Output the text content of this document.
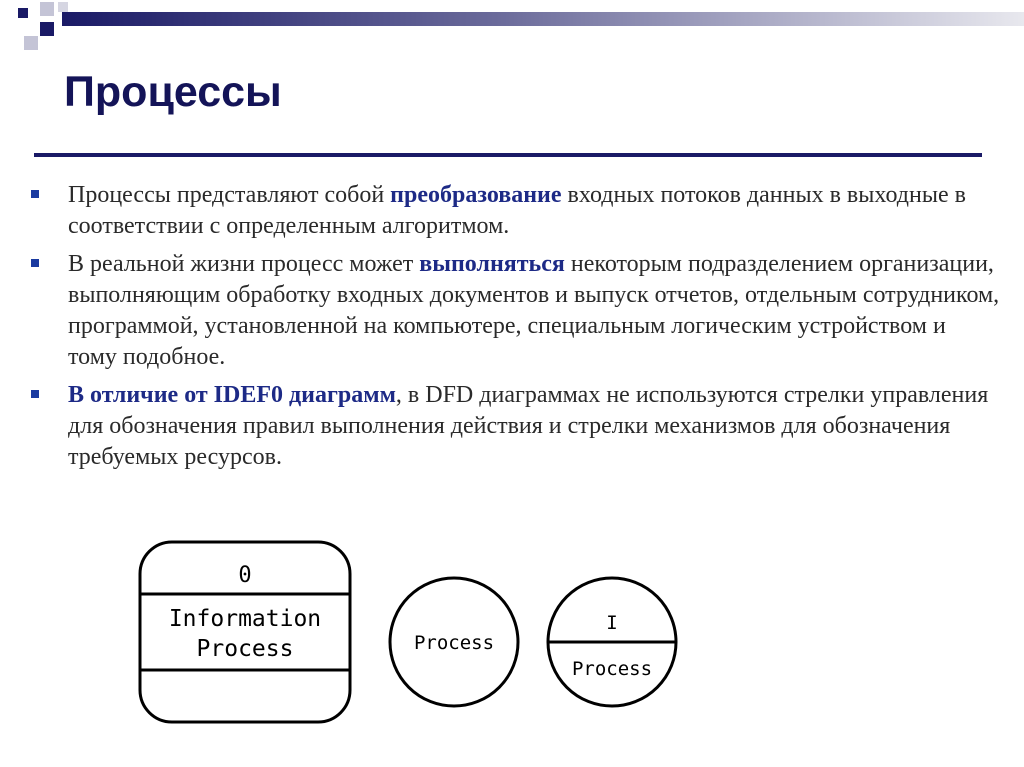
Процессы
Процессы представляют собой преобразование входных потоков данных в выходные в соответствии с определенным алгоритмом.
В реальной жизни процесс может выполняться некоторым подразделением организации, выполняющим обработку входных документов и выпуск отчетов, отдельным сотрудником, программой, установленной на компьютере, специальным логическим устройством и тому подобное.
В отличие от IDEF0 диаграмм, в DFD диаграммах не используются стрелки управления для обозначения правил выполнения действия и стрелки механизмов для обозначения требуемых ресурсов.
0
Information
Process	Process
I
Process
